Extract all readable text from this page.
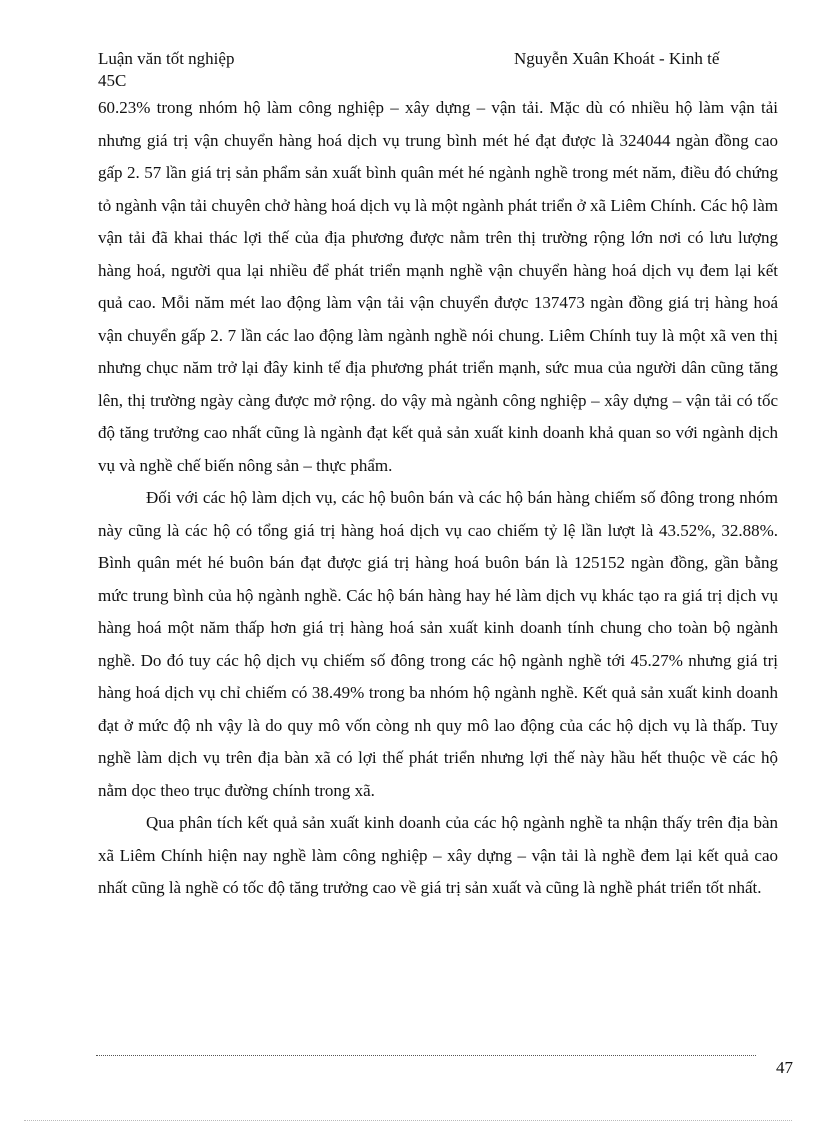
Luận văn tốt nghiệp
45C
Nguyễn Xuân Khoát - Kinh tế

60.23% trong nhóm hộ làm công nghiệp – xây dựng – vận tải. Mặc dù có nhiều hộ làm vận tải nhưng giá trị vận chuyển hàng hoá dịch vụ trung bình mét hé đạt được là 324044 ngàn đồng cao gấp 2. 57 lần giá trị sản phẩm sản xuất bình quân mét hé ngành nghề trong mét năm, điều đó chứng tỏ ngành vận tải chuyên chở hàng hoá dịch vụ là một ngành phát triển ở xã Liêm Chính. Các hộ làm vận tải đã khai thác lợi thế của địa phương được nằm trên thị trường rộng lớn nơi có lưu lượng hàng hoá, người qua lại nhiều để phát triển mạnh nghề vận chuyển hàng hoá dịch vụ đem lại kết quả cao. Mỗi năm mét lao động làm vận tải vận chuyển được 137473 ngàn đồng giá trị hàng hoá vận chuyển gấp 2. 7 lần các lao động làm ngành nghề nói chung. Liêm Chính tuy là một xã ven thị nhưng chục năm trở lại đây kinh tế địa phương phát triển mạnh, sức mua của người dân cũng tăng lên, thị trường ngày càng được mở rộng. do vậy mà ngành công nghiệp – xây dựng – vận tải có tốc độ tăng trưởng cao nhất cũng là ngành đạt kết quả sản xuất kinh doanh khả quan so với ngành dịch vụ và nghề chế biến nông sản – thực phẩm.

Đối với các hộ làm dịch vụ, các hộ buôn bán và các hộ bán hàng chiếm số đông trong nhóm này cũng là các hộ có tổng giá trị hàng hoá dịch vụ cao chiếm tỷ lệ lần lượt là 43.52%, 32.88%. Bình quân mét hé buôn bán đạt được giá trị hàng hoá buôn bán là 125152 ngàn đồng, gần bằng mức trung bình của hộ ngành nghề. Các hộ bán hàng hay hé làm dịch vụ khác tạo ra giá trị dịch vụ hàng hoá một năm thấp hơn giá trị hàng hoá sản xuất kinh doanh tính chung cho toàn bộ ngành nghề. Do đó tuy các hộ dịch vụ chiếm số đông trong các hộ ngành nghề tới 45.27% nhưng giá trị hàng hoá dịch vụ chỉ chiếm có 38.49% trong ba nhóm hộ ngành nghề. Kết quả sản xuất kinh doanh đạt ở mức độ nh vậy là do quy mô vốn còng nh quy mô lao động của các hộ dịch vụ là thấp. Tuy nghề làm dịch vụ trên địa bàn xã có lợi thế phát triển nhưng lợi thế này hầu hết thuộc về các hộ nằm dọc theo trục đường chính trong xã.

Qua phân tích kết quả sản xuất kinh doanh của các hộ ngành nghề ta nhận thấy trên địa bàn xã Liêm Chính hiện nay nghề làm công nghiệp – xây dựng – vận tải là nghề đem lại kết quả cao nhất cũng là nghề có tốc độ tăng trưởng cao về giá trị sản xuất và cũng là nghề phát triển tốt nhất.

47
